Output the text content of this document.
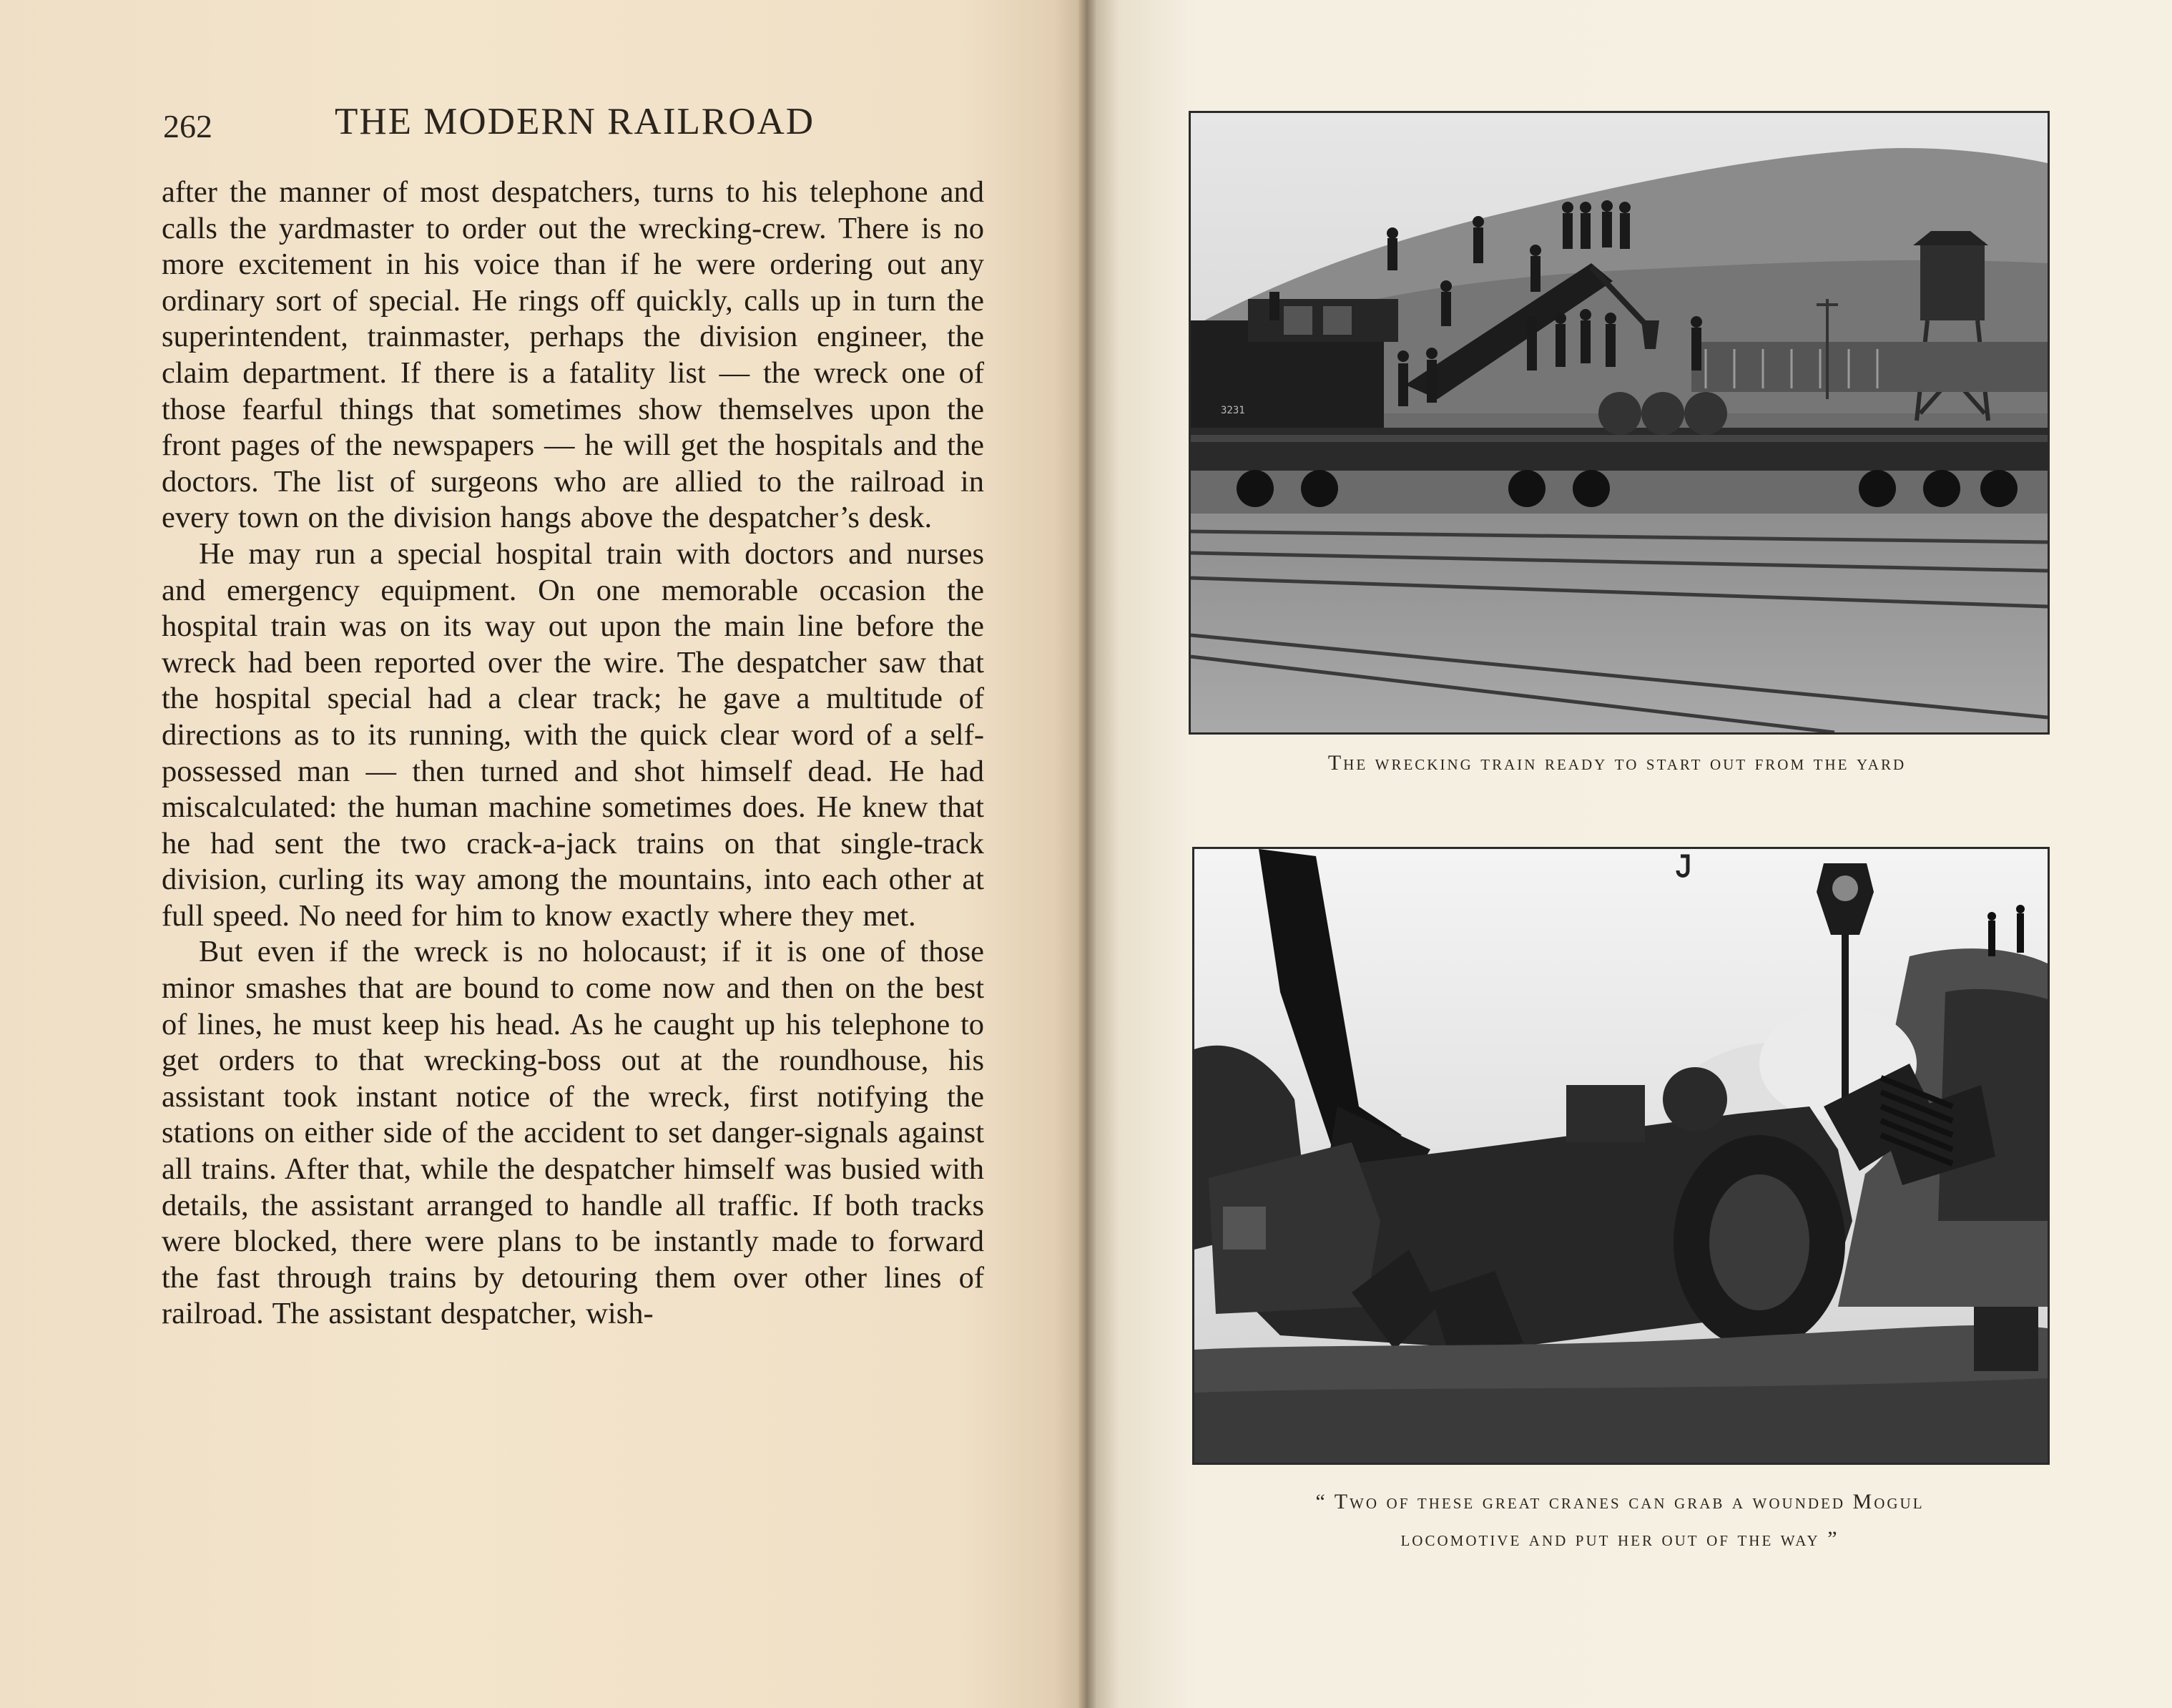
262	THE MODERN RAILROAD

after the manner of most despatchers, turns to his telephone and calls the yardmaster to order out the wrecking-crew. There is no more excitement in his voice than if he were ordering out any ordinary sort of special. He rings off quickly, calls up in turn the superintendent, trainmaster, perhaps the division engineer, the claim department. If there is a fatality list — the wreck one of those fearful things that sometimes show themselves upon the front pages of the newspapers — he will get the hospitals and the doctors. The list of surgeons who are allied to the railroad in every town on the division hangs above the despatcher’s desk.

He may run a special hospital train with doctors and nurses and emergency equipment. On one memorable occasion the hospital train was on its way out upon the main line before the wreck had been reported over the wire. The despatcher saw that the hospital special had a clear track; he gave a multitude of directions as to its running, with the quick clear word of a self-possessed man — then turned and shot himself dead. He had miscalculated: the human machine sometimes does. He knew that he had sent the two crack-a-jack trains on that single-track division, curling its way among the mountains, into each other at full speed. No need for him to know exactly where they met.

But even if the wreck is no holocaust; if it is one of those minor smashes that are bound to come now and then on the best of lines, he must keep his head. As he caught up his telephone to get orders to that wrecking-boss out at the roundhouse, his assistant took instant notice of the wreck, first notifying the stations on either side of the accident to set danger-signals against all trains. After that, while the despatcher himself was busied with details, the assistant arranged to handle all traffic. If both tracks were blocked, there were plans to be instantly made to forward the fast through trains by detouring them over other lines of railroad. The assistant despatcher, wish-

3231
The wrecking train ready to start out from the yard
“ Two of these great cranes can grab a wounded Mogul
locomotive and put her out of the way ”
